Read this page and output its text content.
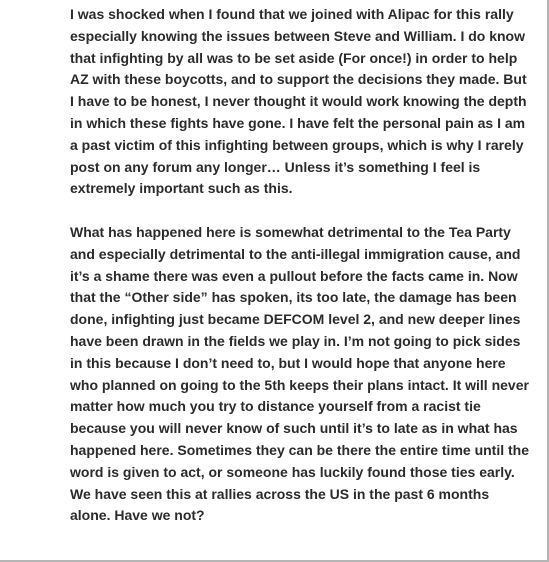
I was shocked when I found that we joined with Alipac for this rally especially knowing the issues between Steve and William. I do know that infighting by all was to be set aside (For once!) in order to help AZ with these boycotts, and to support the decisions they made. But I have to be honest, I never thought it would work knowing the depth in which these fights have gone. I have felt the personal pain as I am a past victim of this infighting between groups, which is why I rarely post on any forum any longer… Unless it’s something I feel is extremely important such as this.

What has happened here is somewhat detrimental to the Tea Party and especially detrimental to the anti-illegal immigration cause, and it’s a shame there was even a pullout before the facts came in. Now that the “Other side” has spoken, its too late, the damage has been done, infighting just became DEFCOM level 2, and new deeper lines have been drawn in the fields we play in. I’m not going to pick sides in this because I don’t need to, but I would hope that anyone here who planned on going to the 5th keeps their plans intact. It will never matter how much you try to distance yourself from a racist tie because you will never know of such until it’s to late as in what has happened here. Sometimes they can be there the entire time until the word is given to act, or someone has luckily found those ties early. We have seen this at rallies across the US in the past 6 months alone. Have we not?
